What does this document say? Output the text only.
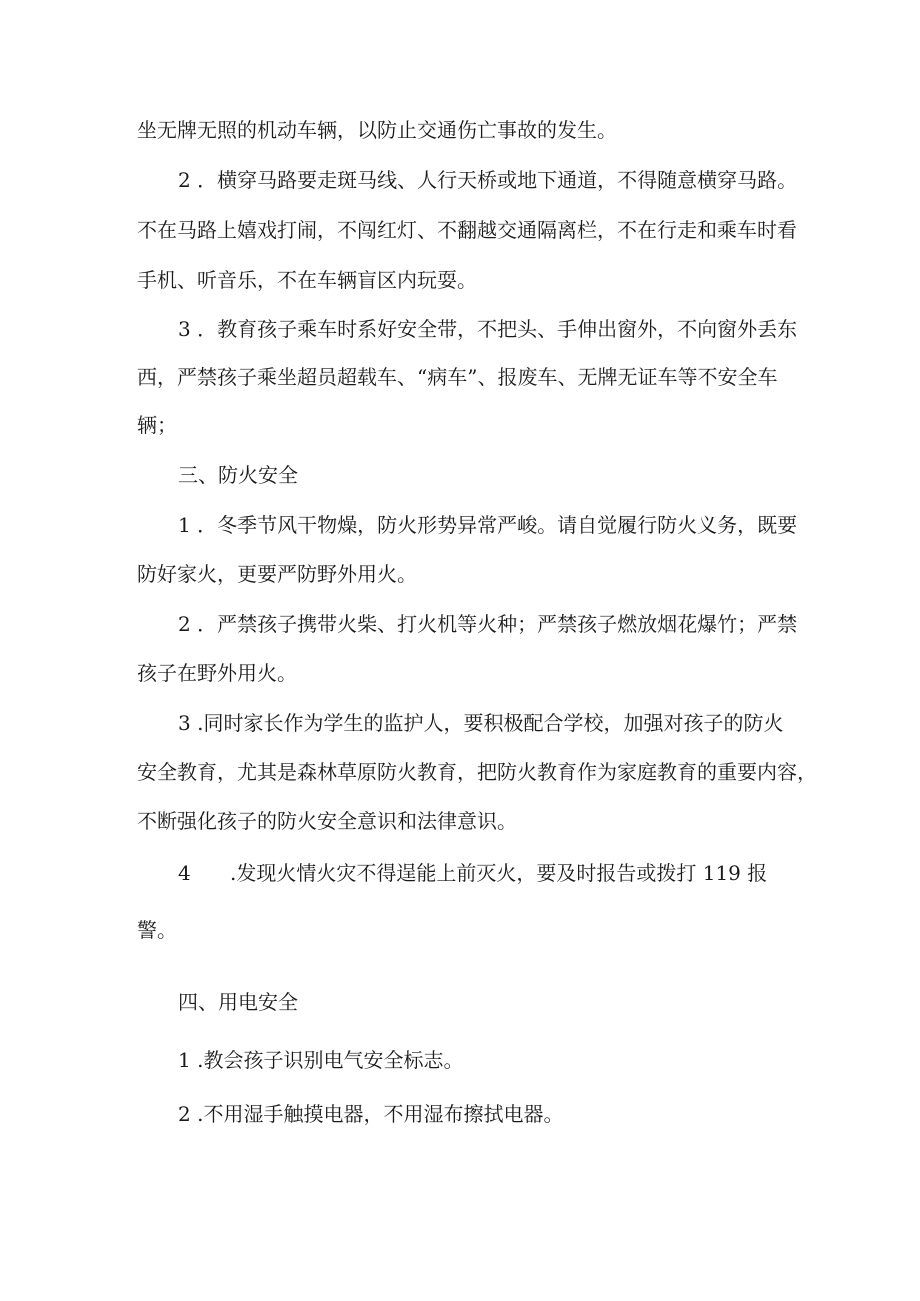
坐无牌无照的机动车辆，以防止交通伤亡事故的发生。
2 ．横穿马路要走斑马线、人行天桥或地下通道，不得随意横穿马路。
不在马路上嬉戏打闹，不闯红灯、不翻越交通隔离栏，不在行走和乘车时看
手机、听音乐，不在车辆盲区内玩耍。
3 ．教育孩子乘车时系好安全带，不把头、手伸出窗外，不向窗外丢东
西，严禁孩子乘坐超员超载车、“病车”、报废车、无牌无证车等不安全车
辆；
三、防火安全
1 ．冬季节风干物燥，防火形势异常严峻。请自觉履行防火义务，既要
防好家火，更要严防野外用火。
2 ．严禁孩子携带火柴、打火机等火种；严禁孩子燃放烟花爆竹；严禁
孩子在野外用火。
3 .同时家长作为学生的监护人，要积极配合学校，加强对孩子的防火
安全教育，尤其是森林草原防火教育，把防火教育作为家庭教育的重要内容，
不断强化孩子的防火安全意识和法律意识。
4 .发现火情火灾不得逞能上前灭火，要及时报告或拨打 119 报
警。
四、用电安全
1 .教会孩子识别电气安全标志。
2 .不用湿手触摸电器，不用湿布擦拭电器。
